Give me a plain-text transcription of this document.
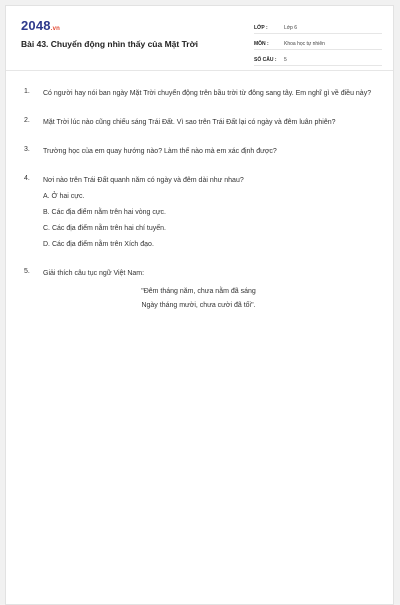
2048.vn
Bài 43. Chuyển động nhìn thấy của Mặt Trời
LỚP :	Lớp 6
MÔN :	Khoa học tự nhiên
SỐ CÂU :	5
1.	Có người hay nói ban ngày Mặt Trời chuyển động trên bầu trời từ đông sang tây. Em nghĩ gì về điều này?
2.	Mặt Trời lúc nào cũng chiếu sáng Trái Đất. Vì sao trên Trái Đất lại có ngày và đêm luân phiên?
3.	Trường học của em quay hướng nào? Làm thế nào mà em xác định được?
4.	Nơi nào trên Trái Đất quanh năm có ngày và đêm dài như nhau?
A. Ở hai cực.
B. Các địa điểm nằm trên hai vòng cực.
C. Các địa điểm nằm trên hai chí tuyến.
D. Các địa điểm nằm trên Xích đạo.
5.	Giải thích câu tục ngữ Việt Nam:
"Đêm tháng năm, chưa nằm đã sáng
Ngày tháng mười, chưa cười đã tối".
